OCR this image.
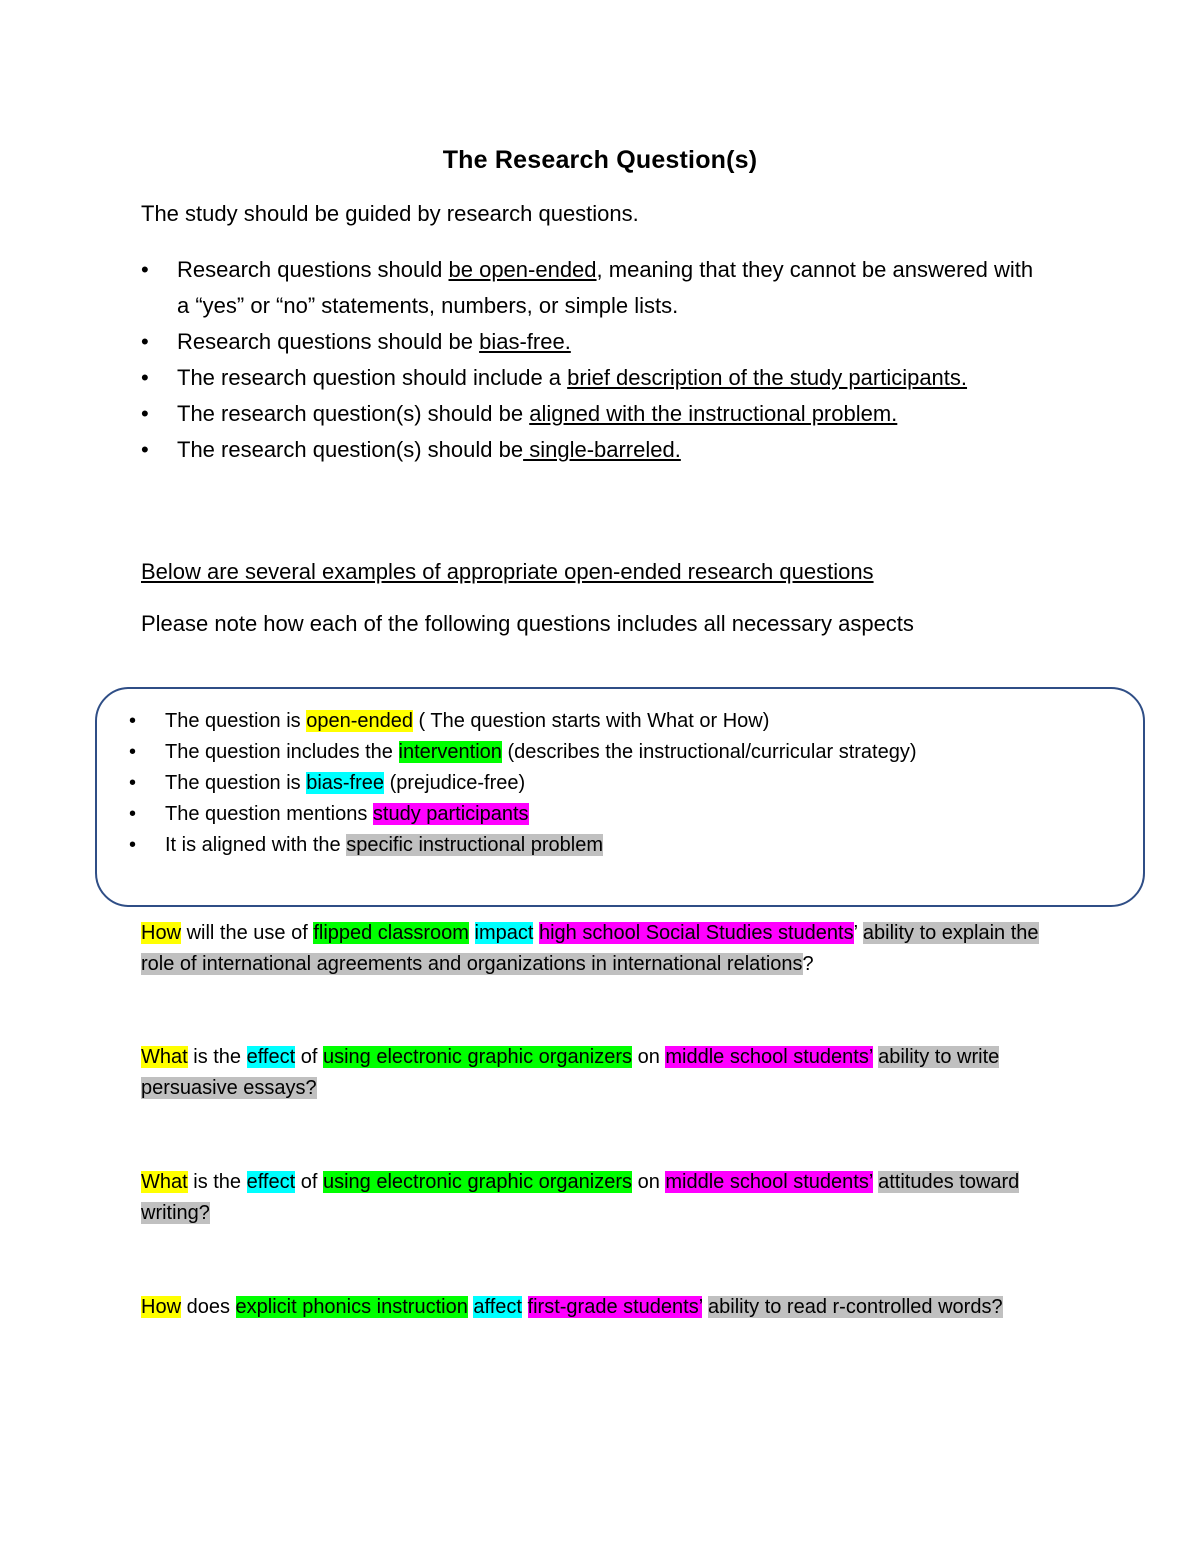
The Research Question(s)
The study should be guided by research questions.
• Research questions should be open-ended, meaning that they cannot be answered with a “yes” or “no” statements, numbers, or simple lists.
• Research questions should be bias-free.
• The research question should include a brief description of the study participants.
• The research question(s) should be aligned with the instructional problem.
• The research question(s) should be single-barreled.
Below are several examples of appropriate open-ended research questions
Please note how each of the following questions includes all necessary aspects
• The question is open-ended ( The question starts with What or How)
• The question includes the intervention (describes the instructional/curricular strategy)
• The question is bias-free (prejudice-free)
• The question mentions study participants
• It is aligned with the specific instructional problem
How will the use of flipped classroom impact high school Social Studies students’ ability to explain the role of international agreements and organizations in international relations?
What is the effect of using electronic graphic organizers on middle school students’ ability to write persuasive essays?
What is the effect of using electronic graphic organizers on middle school students’ attitudes toward writing?
How does explicit phonics instruction affect first-grade students’ ability to read r-controlled words?
